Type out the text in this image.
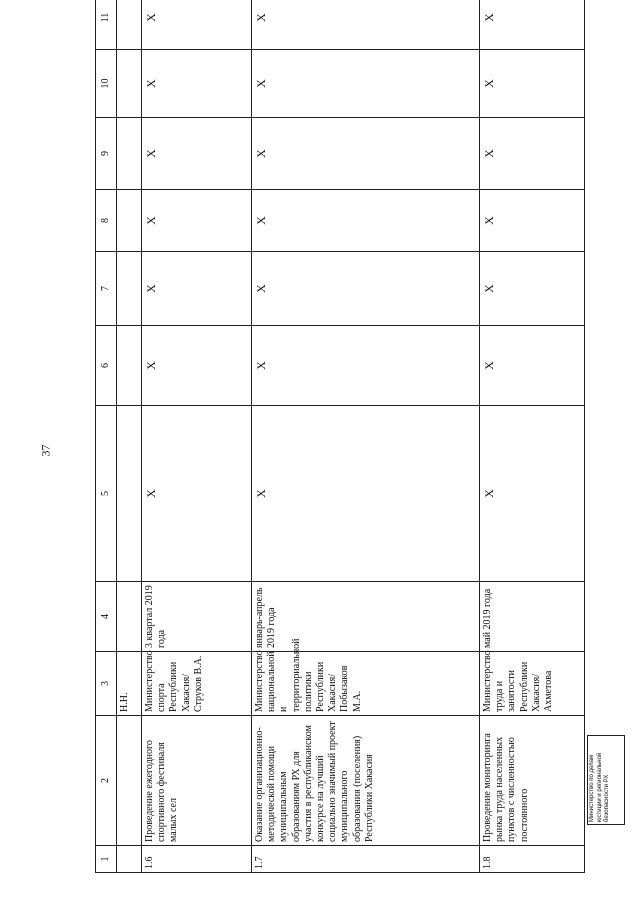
37
1	2	3	4	5	6	7	8	9	10	11
		Н.Н.								
1.6	Проведение ежегодного спортивного фестиваля малых сел	Министерство спорта Республики Хакасия/ Струков В.А.	3 квартал 2019 года	X	X	X	X	X	X	X
1.7	Оказание организационно-методической помощи муниципальным образованиям РХ для участия в республиканском конкурсе на лучший социально значимый проект муниципального образования (поселения) Республики Хакасия	Министерство национальной и территориальной политики Республики Хакасия/ Побызаков М.А.	январь-апрель 2019 года	X	X	X	X	X	X	X
1.8	Проведение мониторинга рынка труда населенных пунктов с численностью постоянного	Министерство труда и занятости Республики Хакасия/ Ахметова	май 2019 года	X	X	X	X	X	X	X
Министерство по делам юстиции и региональной безопасности РХ
